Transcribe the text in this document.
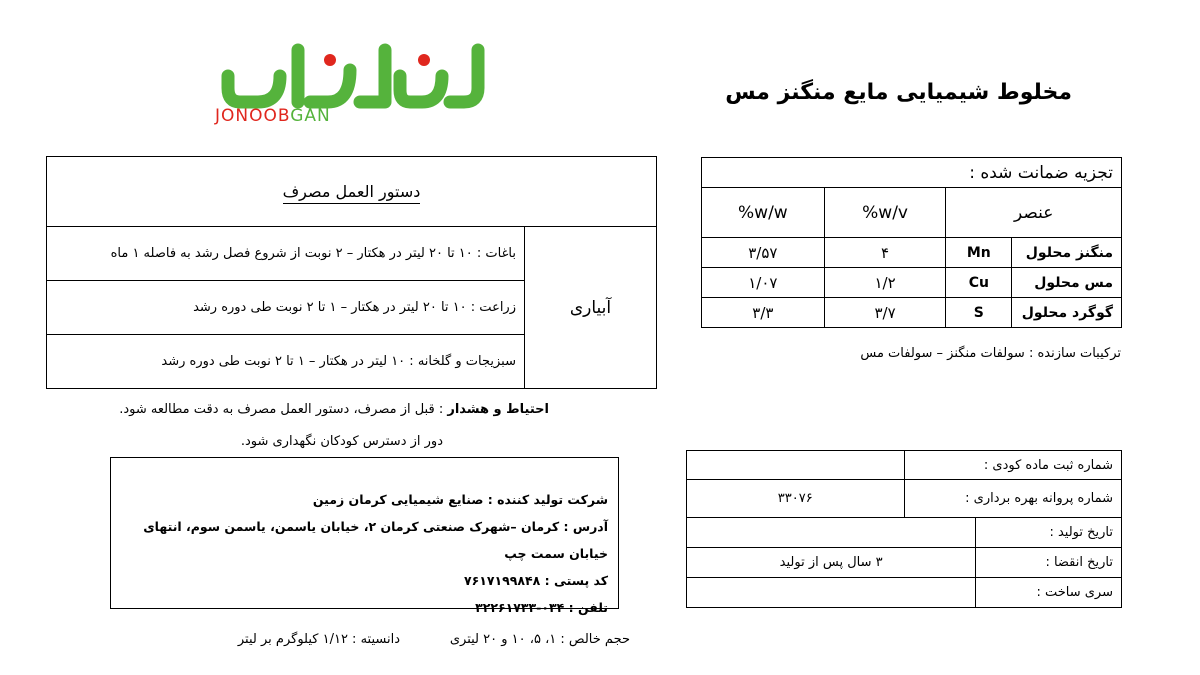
JONOOBGAN
مخلوط شیمیایی مایع منگنز مس
تجزیه ضمانت شده :			
عنصر		%w/v	%w/w
منگنز محلول	Mn	۴	۳/۵۷
مس محلول	Cu	۱/۲	۱/۰۷
گوگرد محلول	S	۳/۷	۳/۳
ترکیبات سازنده : سولفات منگنز – سولفات مس
دستور العمل مصرف
آبیاری	باغات : ۱۰ تا ۲۰ لیتر در هکتار – ۲ نوبت از شروع فصل رشد به فاصله ۱ ماه
زراعت : ۱۰ تا ۲۰ لیتر در هکتار – ۱ تا ۲ نوبت طی دوره رشد
سبزیجات و گلخانه : ۱۰ لیتر در هکتار – ۱ تا ۲ نوبت طی دوره رشد
احتیاط و هشدار : قبل از مصرف، دستور العمل مصرف به دقت مطالعه شود.
دور از دسترس کودکان نگهداری شود.
شرکت تولید کننده : صنایع شیمیایی کرمان زمین
آدرس : کرمان –شهرک صنعتی کرمان ۲، خیابان یاسمن، یاسمن سوم، انتهای خیابان سمت چپ
کد پستی : ۷۶۱۷۱۹۹۸۴۸
تلفن : ۰۳۴-۳۲۲۶۱۷۳۳
شماره ثبت ماده کودی :	
شماره پروانه بهره برداری :	۳۳۰۷۶
تاریخ تولید :	
تاریخ انقضا :	۳ سال پس از تولید
سری ساخت :	
حجم خالص : ۱، ۵، ۱۰ و ۲۰ لیتری
دانسیته : ۱/۱۲ کیلوگرم بر لیتر
